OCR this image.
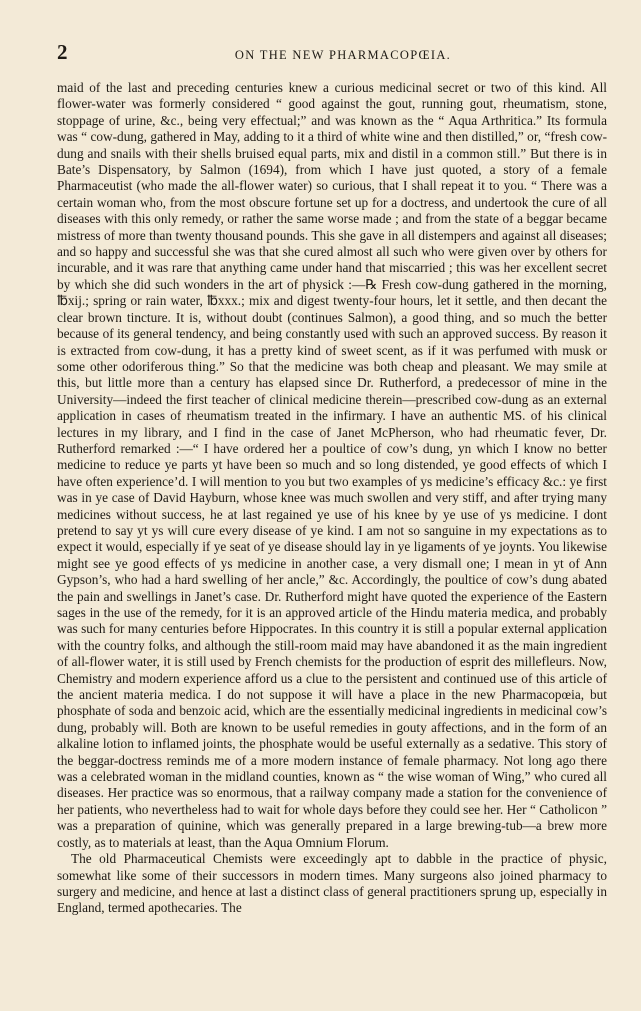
2	ON THE NEW PHARMACOPŒIA.

maid of the last and preceding centuries knew a curious medicinal secret or two of this kind. All flower-water was formerly considered “ good against the gout, running gout, rheumatism, stone, stoppage of urine, &c., being very effectual;” and was known as the “ Aqua Arthritica.” Its formula was “ cow-dung, gathered in May, adding to it a third of white wine and then distilled,” or, “fresh cow-dung and snails with their shells bruised equal parts, mix and distil in a common still.” But there is in Bate’s Dispensatory, by Salmon (1694), from which I have just quoted, a story of a female Pharmaceutist (who made the all-flower water) so curious, that I shall repeat it to you. “ There was a certain woman who, from the most obscure fortune set up for a doctress, and undertook the cure of all diseases with this only remedy, or rather the same worse made ; and from the state of a beggar became mistress of more than twenty thousand pounds. This she gave in all distempers and against all diseases; and so happy and successful she was that she cured almost all such who were given over by others for incurable, and it was rare that anything came under hand that miscarried ; this was her excellent secret by which she did such wonders in the art of physick :—℞ Fresh cow-dung gathered in the morning, ℔xij.; spring or rain water, ℔xxx.; mix and digest twenty-four hours, let it settle, and then decant the clear brown tincture. It is, without doubt (continues Salmon), a good thing, and so much the better because of its general tendency, and being constantly used with such an approved success. By reason it is extracted from cow-dung, it has a pretty kind of sweet scent, as if it was perfumed with musk or some other odoriferous thing.” So that the medicine was both cheap and pleasant. We may smile at this, but little more than a century has elapsed since Dr. Rutherford, a predecessor of mine in the University—indeed the first teacher of clinical medicine therein—prescribed cow-dung as an external application in cases of rheumatism treated in the infirmary. I have an authentic MS. of his clinical lectures in my library, and I find in the case of Janet McPherson, who had rheumatic fever, Dr. Rutherford remarked :—“ I have ordered her a poultice of cow’s dung, yn which I know no better medicine to reduce ye parts yt have been so much and so long distended, ye good effects of which I have often experience’d. I will mention to you but two examples of ys medicine’s efficacy &c.: ye first was in ye case of David Hayburn, whose knee was much swollen and very stiff, and after trying many medicines without success, he at last regained ye use of his knee by ye use of ys medicine. I dont pretend to say yt ys will cure every disease of ye kind. I am not so sanguine in my expectations as to expect it would, especially if ye seat of ye disease should lay in ye ligaments of ye joynts. You likewise might see ye good effects of ys medicine in another case, a very dismall one; I mean in yt of Ann Gypson’s, who had a hard swelling of her ancle,” &c. Accordingly, the poultice of cow’s dung abated the pain and swellings in Janet’s case. Dr. Rutherford might have quoted the experience of the Eastern sages in the use of the remedy, for it is an approved article of the Hindu materia medica, and probably was such for many centuries before Hippocrates. In this country it is still a popular external application with the country folks, and although the still-room maid may have abandoned it as the main ingredient of all-flower water, it is still used by French chemists for the production of esprit des millefleurs. Now, Chemistry and modern experience afford us a clue to the persistent and continued use of this article of the ancient materia medica. I do not suppose it will have a place in the new Pharmacopœia, but phosphate of soda and benzoic acid, which are the essentially medicinal ingredients in medicinal cow’s dung, probably will. Both are known to be useful remedies in gouty affections, and in the form of an alkaline lotion to inflamed joints, the phosphate would be useful externally as a sedative. This story of the beggar-doctress reminds me of a more modern instance of female pharmacy. Not long ago there was a celebrated woman in the midland counties, known as “ the wise woman of Wing,” who cured all diseases. Her practice was so enormous, that a railway company made a station for the convenience of her patients, who nevertheless had to wait for whole days before they could see her. Her “ Catholicon ” was a preparation of quinine, which was generally prepared in a large brewing-tub—a brew more costly, as to materials at least, than the Aqua Omnium Florum.

The old Pharmaceutical Chemists were exceedingly apt to dabble in the practice of physic, somewhat like some of their successors in modern times. Many surgeons also joined pharmacy to surgery and medicine, and hence at last a distinct class of general practitioners sprung up, especially in England, termed apothecaries. The
